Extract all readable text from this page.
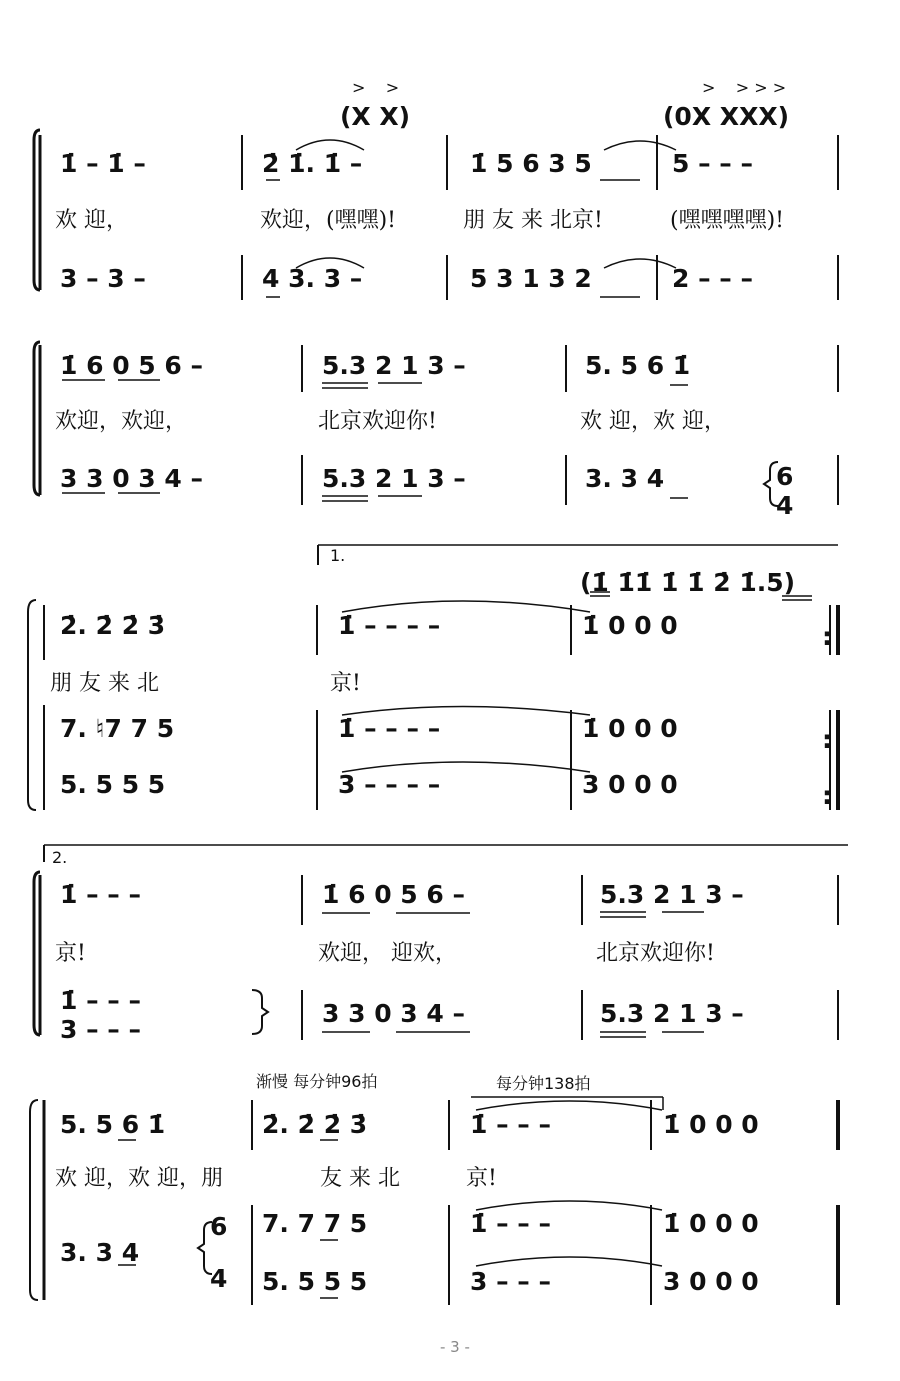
(X X)
>    >
(0X XXX)
>    > > >
1̇ – 1̇ –	2̇ 1̇. 1̇ –	1̇ 5 6 3 5	5 – – –
欢 迎，	欢迎，(嘿嘿)!	朋 友 来 北京!	(嘿嘿嘿嘿)!
3 – 3 –	4 3. 3 –	5 3 1 3 2	2 – – –
1̇ 6 0 5 6 –	5.3 2 1 3 –	5. 5 6 1̇
欢迎，欢迎，	北京欢迎你!	欢 迎，欢 迎，
3 3 0 3 4 –	5.3 2 1 3 –	3. 3 4	6
4
1.
(1̇ 1̇1̇ 1̇ 1̇ 2̇ 1̇.5)
2̇. 2̇ 2̇ 3̇	1̇ – – – –	1̇ 0 0 0
朋 友 来 北	京!
7. ♮7 7 5	1̇ – – – –	1̇ 0 0 0
5. 5 5 5	3 – – – –	3 0 0 0
:
:
:
2.
1̇ – – –	1̇ 6 0 5 6 –	5.3 2 1 3 –
京!	欢迎， 迎欢，	北京欢迎你!
3 3 0 3 4 –	5.3 2 1 3 –
1̇ – – –
3 – – –
渐慢 每分钟96拍	每分钟138拍
5. 5 6 1̇	2̇. 2̇ 2̇ 3̇	1̇ – – –	1̇ 0 0 0
欢 迎，欢 迎，朋	友 来 北	京!
7. 7 7 5	1̇ – – –	1̇ 0 0 0
5. 5 5 5	3 – – –	3 0 0 0
3. 3 4
6
4
- 3 -
